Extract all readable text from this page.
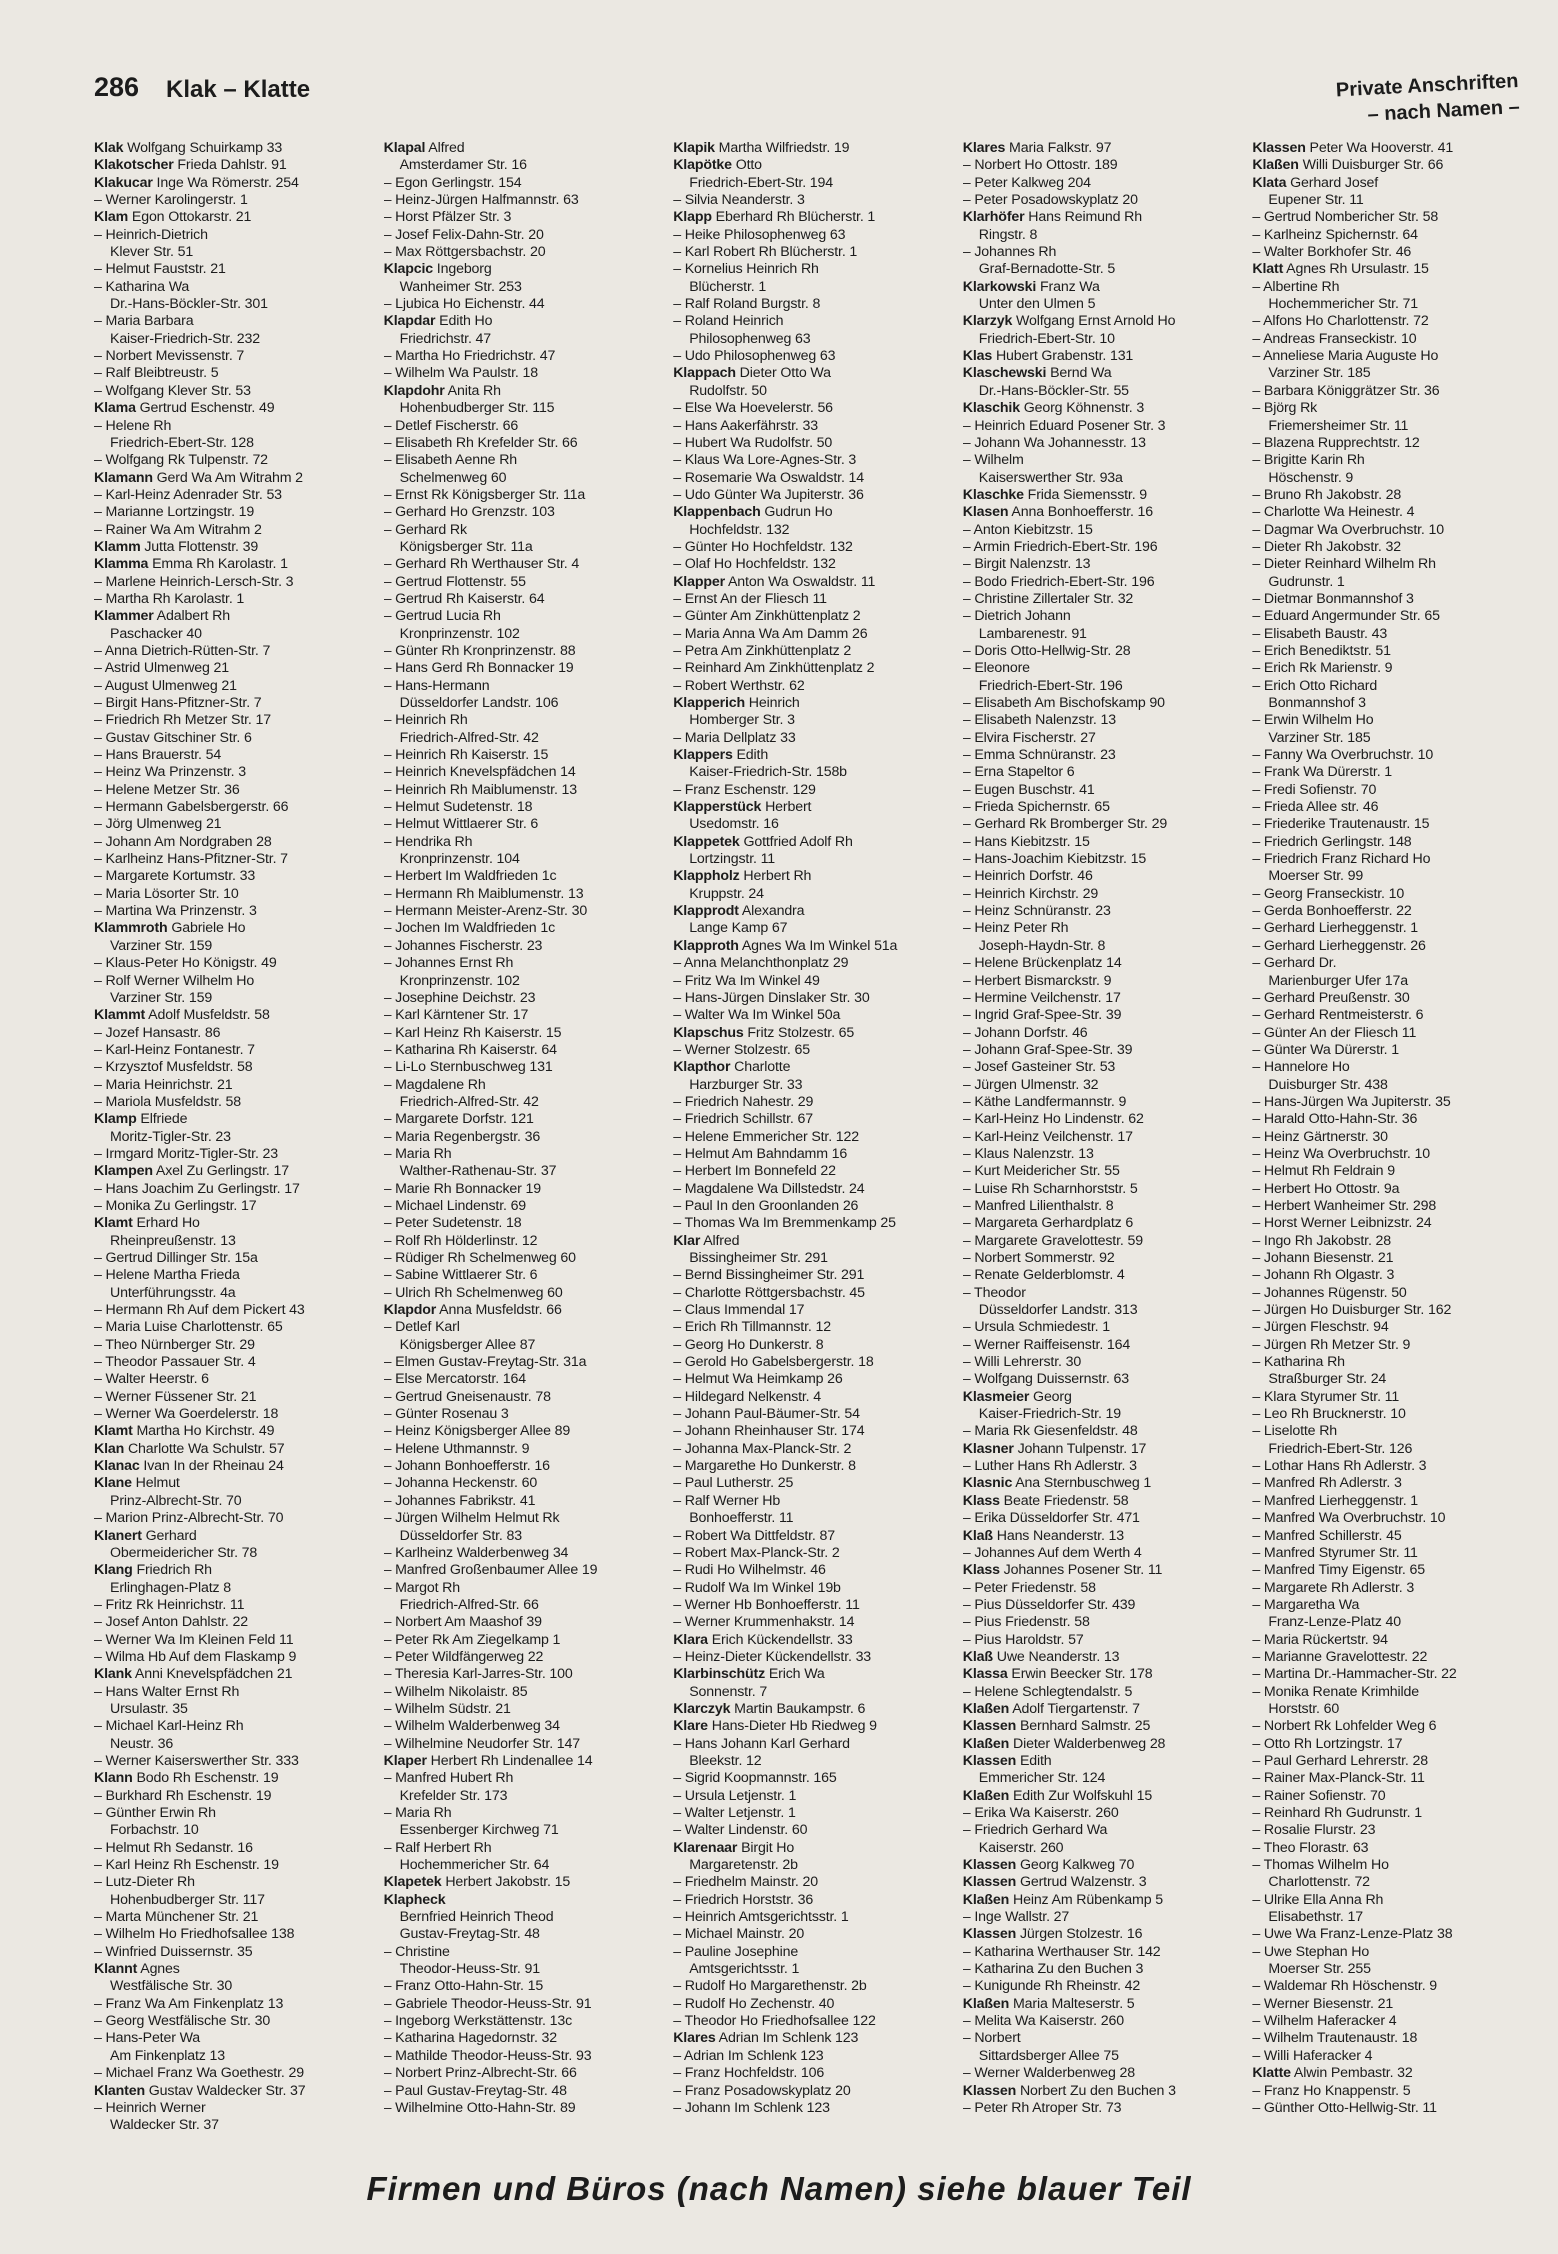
286 Klak – Klatte	Private Anschriften
– nach Namen –
Klak Wolfgang Schuirkamp 33
Klakotscher Frieda Dahlstr. 91
Klakucar Inge Wa Römerstr. 254
– Werner Karolingerstr. 1
Klam Egon Ottokarstr. 21
– Heinrich-Dietrich
Klever Str. 51
– Helmut Fauststr. 21
– Katharina Wa
Dr.-Hans-Böckler-Str. 301
– Maria Barbara
Kaiser-Friedrich-Str. 232
– Norbert Mevissenstr. 7
– Ralf Bleibtreustr. 5
– Wolfgang Klever Str. 53
Klama Gertrud Eschenstr. 49
– Helene Rh
Friedrich-Ebert-Str. 128
– Wolfgang Rk Tulpenstr. 72
Klamann Gerd Wa Am Witrahm 2
– Karl-Heinz Adenrader Str. 53
– Marianne Lortzingstr. 19
– Rainer Wa Am Witrahm 2
Klamm Jutta Flottenstr. 39
Klamma Emma Rh Karolastr. 1
– Marlene Heinrich-Lersch-Str. 3
– Martha Rh Karolastr. 1
Klammer Adalbert Rh
Paschacker 40
– Anna Dietrich-Rütten-Str. 7
– Astrid Ulmenweg 21
– August Ulmenweg 21
– Birgit Hans-Pfitzner-Str. 7
– Friedrich Rh Metzer Str. 17
– Gustav Gitschiner Str. 6
– Hans Brauerstr. 54
– Heinz Wa Prinzenstr. 3
– Helene Metzer Str. 36
– Hermann Gabelsbergerstr. 66
– Jörg Ulmenweg 21
– Johann Am Nordgraben 28
– Karlheinz Hans-Pfitzner-Str. 7
– Margarete Kortumstr. 33
– Maria Lösorter Str. 10
– Martina Wa Prinzenstr. 3
Klammroth Gabriele Ho
Varziner Str. 159
– Klaus-Peter Ho Königstr. 49
– Rolf Werner Wilhelm Ho
Varziner Str. 159
Klammt Adolf Musfeldstr. 58
– Jozef Hansastr. 86
– Karl-Heinz Fontanestr. 7
– Krzysztof Musfeldstr. 58
– Maria Heinrichstr. 21
– Mariola Musfeldstr. 58
Klamp Elfriede
Moritz-Tigler-Str. 23
– Irmgard Moritz-Tigler-Str. 23
Klampen Axel Zu Gerlingstr. 17
– Hans Joachim Zu Gerlingstr. 17
– Monika Zu Gerlingstr. 17
Klamt Erhard Ho
Rheinpreußenstr. 13
– Gertrud Dillinger Str. 15a
– Helene Martha Frieda
Unterführungsstr. 4a
– Hermann Rh Auf dem Pickert 43
– Maria Luise Charlottenstr. 65
– Theo Nürnberger Str. 29
– Theodor Passauer Str. 4
– Walter Heerstr. 6
– Werner Füssener Str. 21
– Werner Wa Goerdelerstr. 18
Klamt Martha Ho Kirchstr. 49
Klan Charlotte Wa Schulstr. 57
Klanac Ivan In der Rheinau 24
Klane Helmut
Prinz-Albrecht-Str. 70
– Marion Prinz-Albrecht-Str. 70
Klanert Gerhard
Obermeidericher Str. 78
Klang Friedrich Rh
Erlinghagen-Platz 8
– Fritz Rk Heinrichstr. 11
– Josef Anton Dahlstr. 22
– Werner Wa Im Kleinen Feld 11
– Wilma Hb Auf dem Flaskamp 9
Klank Anni Knevelspfädchen 21
– Hans Walter Ernst Rh
Ursulastr. 35
– Michael Karl-Heinz Rh
Neustr. 36
– Werner Kaiserswerther Str. 333
Klann Bodo Rh Eschenstr. 19
– Burkhard Rh Eschenstr. 19
– Günther Erwin Rh
Forbachstr. 10
– Helmut Rh Sedanstr. 16
– Karl Heinz Rh Eschenstr. 19
– Lutz-Dieter Rh
Hohenbudberger Str. 117
– Marta Münchener Str. 21
– Wilhelm Ho Friedhofsallee 138
– Winfried Duissernstr. 35
Klannt Agnes
Westfälische Str. 30
– Franz Wa Am Finkenplatz 13
– Georg Westfälische Str. 30
– Hans-Peter Wa
Am Finkenplatz 13
– Michael Franz Wa Goethestr. 29
Klanten Gustav Waldecker Str. 37
– Heinrich Werner
Waldecker Str. 37
Klapal Alfred
Amsterdamer Str. 16
– Egon Gerlingstr. 154
– Heinz-Jürgen Halfmannstr. 63
– Horst Pfälzer Str. 3
– Josef Felix-Dahn-Str. 20
– Max Röttgersbachstr. 20
Klapcic Ingeborg
Wanheimer Str. 253
– Ljubica Ho Eichenstr. 44
Klapdar Edith Ho
Friedrichstr. 47
– Martha Ho Friedrichstr. 47
– Wilhelm Wa Paulstr. 18
Klapdohr Anita Rh
Hohenbudberger Str. 115
– Detlef Fischerstr. 66
– Elisabeth Rh Krefelder Str. 66
– Elisabeth Aenne Rh
Schelmenweg 60
– Ernst Rk Königsberger Str. 11a
– Gerhard Ho Grenzstr. 103
– Gerhard Rk
Königsberger Str. 11a
– Gerhard Rh Werthauser Str. 4
– Gertrud Flottenstr. 55
– Gertrud Rh Kaiserstr. 64
– Gertrud Lucia Rh
Kronprinzenstr. 102
– Günter Rh Kronprinzenstr. 88
– Hans Gerd Rh Bonnacker 19
– Hans-Hermann
Düsseldorfer Landstr. 106
– Heinrich Rh
Friedrich-Alfred-Str. 42
– Heinrich Rh Kaiserstr. 15
– Heinrich Knevelspfädchen 14
– Heinrich Rh Maiblumenstr. 13
– Helmut Sudetenstr. 18
– Helmut Wittlaerer Str. 6
– Hendrika Rh
Kronprinzenstr. 104
– Herbert Im Waldfrieden 1c
– Hermann Rh Maiblumenstr. 13
– Hermann Meister-Arenz-Str. 30
– Jochen Im Waldfrieden 1c
– Johannes Fischerstr. 23
– Johannes Ernst Rh
Kronprinzenstr. 102
– Josephine Deichstr. 23
– Karl Kärntener Str. 17
– Karl Heinz Rh Kaiserstr. 15
– Katharina Rh Kaiserstr. 64
– Li-Lo Sternbuschweg 131
– Magdalene Rh
Friedrich-Alfred-Str. 42
– Margarete Dorfstr. 121
– Maria Regenbergstr. 36
– Maria Rh
Walther-Rathenau-Str. 37
– Marie Rh Bonnacker 19
– Michael Lindenstr. 69
– Peter Sudetenstr. 18
– Rolf Rh Hölderlinstr. 12
– Rüdiger Rh Schelmenweg 60
– Sabine Wittlaerer Str. 6
– Ulrich Rh Schelmenweg 60
Klapdor Anna Musfeldstr. 66
– Detlef Karl
Königsberger Allee 87
– Elmen Gustav-Freytag-Str. 31a
– Else Mercatorstr. 164
– Gertrud Gneisenaustr. 78
– Günter Rosenau 3
– Heinz Königsberger Allee 89
– Helene Uthmannstr. 9
– Johann Bonhoefferstr. 16
– Johanna Heckenstr. 60
– Johannes Fabrikstr. 41
– Jürgen Wilhelm Helmut Rk
Düsseldorfer Str. 83
– Karlheinz Walderbenweg 34
– Manfred Großenbaumer Allee 19
– Margot Rh
Friedrich-Alfred-Str. 66
– Norbert Am Maashof 39
– Peter Rk Am Ziegelkamp 1
– Peter Wildfängerweg 22
– Theresia Karl-Jarres-Str. 100
– Wilhelm Nikolaistr. 85
– Wilhelm Südstr. 21
– Wilhelm Walderbenweg 34
– Wilhelmine Neudorfer Str. 147
Klaper Herbert Rh Lindenallee 14
– Manfred Hubert Rh
Krefelder Str. 173
– Maria Rh
Essenberger Kirchweg 71
– Ralf Herbert Rh
Hochemmericher Str. 64
Klapetek Herbert Jakobstr. 15
Klapheck
Bernfried Heinrich Theod
Gustav-Freytag-Str. 48
– Christine
Theodor-Heuss-Str. 91
– Franz Otto-Hahn-Str. 15
– Gabriele Theodor-Heuss-Str. 91
– Ingeborg Werkstättenstr. 13c
– Katharina Hagedornstr. 32
– Mathilde Theodor-Heuss-Str. 93
– Norbert Prinz-Albrecht-Str. 66
– Paul Gustav-Freytag-Str. 48
– Wilhelmine Otto-Hahn-Str. 89
Klapik Martha Wilfriedstr. 19
Klapötke Otto
Friedrich-Ebert-Str. 194
– Silvia Neanderstr. 3
Klapp Eberhard Rh Blücherstr. 1
– Heike Philosophenweg 63
– Karl Robert Rh Blücherstr. 1
– Kornelius Heinrich Rh
Blücherstr. 1
– Ralf Roland Burgstr. 8
– Roland Heinrich
Philosophenweg 63
– Udo Philosophenweg 63
Klappach Dieter Otto Wa
Rudolfstr. 50
– Else Wa Hoevelerstr. 56
– Hans Aakerfährstr. 33
– Hubert Wa Rudolfstr. 50
– Klaus Wa Lore-Agnes-Str. 3
– Rosemarie Wa Oswaldstr. 14
– Udo Günter Wa Jupiterstr. 36
Klappenbach Gudrun Ho
Hochfeldstr. 132
– Günter Ho Hochfeldstr. 132
– Olaf Ho Hochfeldstr. 132
Klapper Anton Wa Oswaldstr. 11
– Ernst An der Fliesch 11
– Günter Am Zinkhüttenplatz 2
– Maria Anna Wa Am Damm 26
– Petra Am Zinkhüttenplatz 2
– Reinhard Am Zinkhüttenplatz 2
– Robert Werthstr. 62
Klapperich Heinrich
Homberger Str. 3
– Maria Dellplatz 33
Klappers Edith
Kaiser-Friedrich-Str. 158b
– Franz Eschenstr. 129
Klapperstück Herbert
Usedomstr. 16
Klappetek Gottfried Adolf Rh
Lortzingstr. 11
Klappholz Herbert Rh
Kruppstr. 24
Klapprodt Alexandra
Lange Kamp 67
Klapproth Agnes Wa Im Winkel 51a
– Anna Melanchthonplatz 29
– Fritz Wa Im Winkel 49
– Hans-Jürgen Dinslaker Str. 30
– Walter Wa Im Winkel 50a
Klapschus Fritz Stolzestr. 65
– Werner Stolzestr. 65
Klapthor Charlotte
Harzburger Str. 33
– Friedrich Nahestr. 29
– Friedrich Schillstr. 67
– Helene Emmericher Str. 122
– Helmut Am Bahndamm 16
– Herbert Im Bonnefeld 22
– Magdalene Wa Dillstedstr. 24
– Paul In den Groonlanden 26
– Thomas Wa Im Bremmenkamp 25
Klar Alfred
Bissingheimer Str. 291
– Bernd Bissingheimer Str. 291
– Charlotte Röttgersbachstr. 45
– Claus Immendal 17
– Erich Rh Tillmannstr. 12
– Georg Ho Dunkerstr. 8
– Gerold Ho Gabelsbergerstr. 18
– Helmut Wa Heimkamp 26
– Hildegard Nelkenstr. 4
– Johann Paul-Bäumer-Str. 54
– Johann Rheinhauser Str. 174
– Johanna Max-Planck-Str. 2
– Margarethe Ho Dunkerstr. 8
– Paul Lutherstr. 25
– Ralf Werner Hb
Bonhoefferstr. 11
– Robert Wa Dittfeldstr. 87
– Robert Max-Planck-Str. 2
– Rudi Ho Wilhelmstr. 46
– Rudolf Wa Im Winkel 19b
– Werner Hb Bonhoefferstr. 11
– Werner Krummenhakstr. 14
Klara Erich Kückendellstr. 33
– Heinz-Dieter Kückendellstr. 33
Klarbinschütz Erich Wa
Sonnenstr. 7
Klarczyk Martin Baukampstr. 6
Klare Hans-Dieter Hb Riedweg 9
– Hans Johann Karl Gerhard
Bleekstr. 12
– Sigrid Koopmannstr. 165
– Ursula Letjenstr. 1
– Walter Letjenstr. 1
– Walter Lindenstr. 60
Klarenaar Birgit Ho
Margaretenstr. 2b
– Friedhelm Mainstr. 20
– Friedrich Horststr. 36
– Heinrich Amtsgerichtsstr. 1
– Michael Mainstr. 20
– Pauline Josephine
Amtsgerichtsstr. 1
– Rudolf Ho Margarethenstr. 2b
– Rudolf Ho Zechenstr. 40
– Theodor Ho Friedhofsallee 122
Klares Adrian Im Schlenk 123
– Adrian Im Schlenk 123
– Franz Hochfeldstr. 106
– Franz Posadowskyplatz 20
– Johann Im Schlenk 123
Klares Maria Falkstr. 97
– Norbert Ho Ottostr. 189
– Peter Kalkweg 204
– Peter Posadowskyplatz 20
Klarhöfer Hans Reimund Rh
Ringstr. 8
– Johannes Rh
Graf-Bernadotte-Str. 5
Klarkowski Franz Wa
Unter den Ulmen 5
Klarzyk Wolfgang Ernst Arnold Ho
Friedrich-Ebert-Str. 10
Klas Hubert Grabenstr. 131
Klaschewski Bernd Wa
Dr.-Hans-Böckler-Str. 55
Klaschik Georg Köhnenstr. 3
– Heinrich Eduard Posener Str. 3
– Johann Wa Johannesstr. 13
– Wilhelm
Kaiserswerther Str. 93a
Klaschke Frida Siemensstr. 9
Klasen Anna Bonhoefferstr. 16
– Anton Kiebitzstr. 15
– Armin Friedrich-Ebert-Str. 196
– Birgit Nalenzstr. 13
– Bodo Friedrich-Ebert-Str. 196
– Christine Zillertaler Str. 32
– Dietrich Johann
Lambarenestr. 91
– Doris Otto-Hellwig-Str. 28
– Eleonore
Friedrich-Ebert-Str. 196
– Elisabeth Am Bischofskamp 90
– Elisabeth Nalenzstr. 13
– Elvira Fischerstr. 27
– Emma Schnüranstr. 23
– Erna Stapeltor 6
– Eugen Buschstr. 41
– Frieda Spichernstr. 65
– Gerhard Rk Bromberger Str. 29
– Hans Kiebitzstr. 15
– Hans-Joachim Kiebitzstr. 15
– Heinrich Dorfstr. 46
– Heinrich Kirchstr. 29
– Heinz Schnüranstr. 23
– Heinz Peter Rh
Joseph-Haydn-Str. 8
– Helene Brückenplatz 14
– Herbert Bismarckstr. 9
– Hermine Veilchenstr. 17
– Ingrid Graf-Spee-Str. 39
– Johann Dorfstr. 46
– Johann Graf-Spee-Str. 39
– Josef Gasteiner Str. 53
– Jürgen Ulmenstr. 32
– Käthe Landfermannstr. 9
– Karl-Heinz Ho Lindenstr. 62
– Karl-Heinz Veilchenstr. 17
– Klaus Nalenzstr. 13
– Kurt Meidericher Str. 55
– Luise Rh Scharnhorststr. 5
– Manfred Lilienthalstr. 8
– Margareta Gerhardplatz 6
– Margarete Gravelottestr. 59
– Norbert Sommerstr. 92
– Renate Gelderblomstr. 4
– Theodor
Düsseldorfer Landstr. 313
– Ursula Schmiedestr. 1
– Werner Raiffeisenstr. 164
– Willi Lehrerstr. 30
– Wolfgang Duissernstr. 63
Klasmeier Georg
Kaiser-Friedrich-Str. 19
– Maria Rk Giesenfeldstr. 48
Klasner Johann Tulpenstr. 17
– Luther Hans Rh Adlerstr. 3
Klasnic Ana Sternbuschweg 1
Klass Beate Friedenstr. 58
– Erika Düsseldorfer Str. 471
Klaß Hans Neanderstr. 13
– Johannes Auf dem Werth 4
Klass Johannes Posener Str. 11
– Peter Friedenstr. 58
– Pius Düsseldorfer Str. 439
– Pius Friedenstr. 58
– Pius Haroldstr. 57
Klaß Uwe Neanderstr. 13
Klassa Erwin Beecker Str. 178
– Helene Schlegtendalstr. 5
Klaßen Adolf Tiergartenstr. 7
Klassen Bernhard Salmstr. 25
Klaßen Dieter Walderbenweg 28
Klassen Edith
Emmericher Str. 124
Klaßen Edith Zur Wolfskuhl 15
– Erika Wa Kaiserstr. 260
– Friedrich Gerhard Wa
Kaiserstr. 260
Klassen Georg Kalkweg 70
Klassen Gertrud Walzenstr. 3
Klaßen Heinz Am Rübenkamp 5
– Inge Wallstr. 27
Klassen Jürgen Stolzestr. 16
– Katharina Werthauser Str. 142
– Katharina Zu den Buchen 3
– Kunigunde Rh Rheinstr. 42
Klaßen Maria Malteserstr. 5
– Melita Wa Kaiserstr. 260
– Norbert
Sittardsberger Allee 75
– Werner Walderbenweg 28
Klassen Norbert Zu den Buchen 3
– Peter Rh Atroper Str. 73
Klassen Peter Wa Hooverstr. 41
Klaßen Willi Duisburger Str. 66
Klata Gerhard Josef
Eupener Str. 11
– Gertrud Nombericher Str. 58
– Karlheinz Spichernstr. 64
– Walter Borkhofer Str. 46
Klatt Agnes Rh Ursulastr. 15
– Albertine Rh
Hochemmericher Str. 71
– Alfons Ho Charlottenstr. 72
– Andreas Franseckistr. 10
– Anneliese Maria Auguste Ho
Varziner Str. 185
– Barbara Königgrätzer Str. 36
– Björg Rk
Friemersheimer Str. 11
– Blazena Rupprechtstr. 12
– Brigitte Karin Rh
Höschenstr. 9
– Bruno Rh Jakobstr. 28
– Charlotte Wa Heinestr. 4
– Dagmar Wa Overbruchstr. 10
– Dieter Rh Jakobstr. 32
– Dieter Reinhard Wilhelm Rh
Gudrunstr. 1
– Dietmar Bonmannshof 3
– Eduard Angermunder Str. 65
– Elisabeth Baustr. 43
– Erich Benediktstr. 51
– Erich Rk Marienstr. 9
– Erich Otto Richard
Bonmannshof 3
– Erwin Wilhelm Ho
Varziner Str. 185
– Fanny Wa Overbruchstr. 10
– Frank Wa Dürerstr. 1
– Fredi Sofienstr. 70
– Frieda Allee str. 46
– Friederike Trautenaustr. 15
– Friedrich Gerlingstr. 148
– Friedrich Franz Richard Ho
Moerser Str. 99
– Georg Franseckistr. 10
– Gerda Bonhoefferstr. 22
– Gerhard Lierheggenstr. 1
– Gerhard Lierheggenstr. 26
– Gerhard Dr.
Marienburger Ufer 17a
– Gerhard Preußenstr. 30
– Gerhard Rentmeisterstr. 6
– Günter An der Fliesch 11
– Günter Wa Dürerstr. 1
– Hannelore Ho
Duisburger Str. 438
– Hans-Jürgen Wa Jupiterstr. 35
– Harald Otto-Hahn-Str. 36
– Heinz Gärtnerstr. 30
– Heinz Wa Overbruchstr. 10
– Helmut Rh Feldrain 9
– Herbert Ho Ottostr. 9a
– Herbert Wanheimer Str. 298
– Horst Werner Leibnizstr. 24
– Ingo Rh Jakobstr. 28
– Johann Biesenstr. 21
– Johann Rh Olgastr. 3
– Johannes Rügenstr. 50
– Jürgen Ho Duisburger Str. 162
– Jürgen Fleschstr. 94
– Jürgen Rh Metzer Str. 9
– Katharina Rh
Straßburger Str. 24
– Klara Styrumer Str. 11
– Leo Rh Brucknerstr. 10
– Liselotte Rh
Friedrich-Ebert-Str. 126
– Lothar Hans Rh Adlerstr. 3
– Manfred Rh Adlerstr. 3
– Manfred Lierheggenstr. 1
– Manfred Wa Overbruchstr. 10
– Manfred Schillerstr. 45
– Manfred Styrumer Str. 11
– Manfred Timy Eigenstr. 65
– Margarete Rh Adlerstr. 3
– Margaretha Wa
Franz-Lenze-Platz 40
– Maria Rückertstr. 94
– Marianne Gravelottestr. 22
– Martina Dr.-Hammacher-Str. 22
– Monika Renate Krimhilde
Horststr. 60
– Norbert Rk Lohfelder Weg 6
– Otto Rh Lortzingstr. 17
– Paul Gerhard Lehrerstr. 28
– Rainer Max-Planck-Str. 11
– Rainer Sofienstr. 70
– Reinhard Rh Gudrunstr. 1
– Rosalie Flurstr. 23
– Theo Florastr. 63
– Thomas Wilhelm Ho
Charlottenstr. 72
– Ulrike Ella Anna Rh
Elisabethstr. 17
– Uwe Wa Franz-Lenze-Platz 38
– Uwe Stephan Ho
Moerser Str. 255
– Waldemar Rh Höschenstr. 9
– Werner Biesenstr. 21
– Wilhelm Haferacker 4
– Wilhelm Trautenaustr. 18
– Willi Haferacker 4
Klatte Alwin Pembastr. 32
– Franz Ho Knappenstr. 5
– Günther Otto-Hellwig-Str. 11
Firmen und Büros (nach Namen) siehe blauer Teil
